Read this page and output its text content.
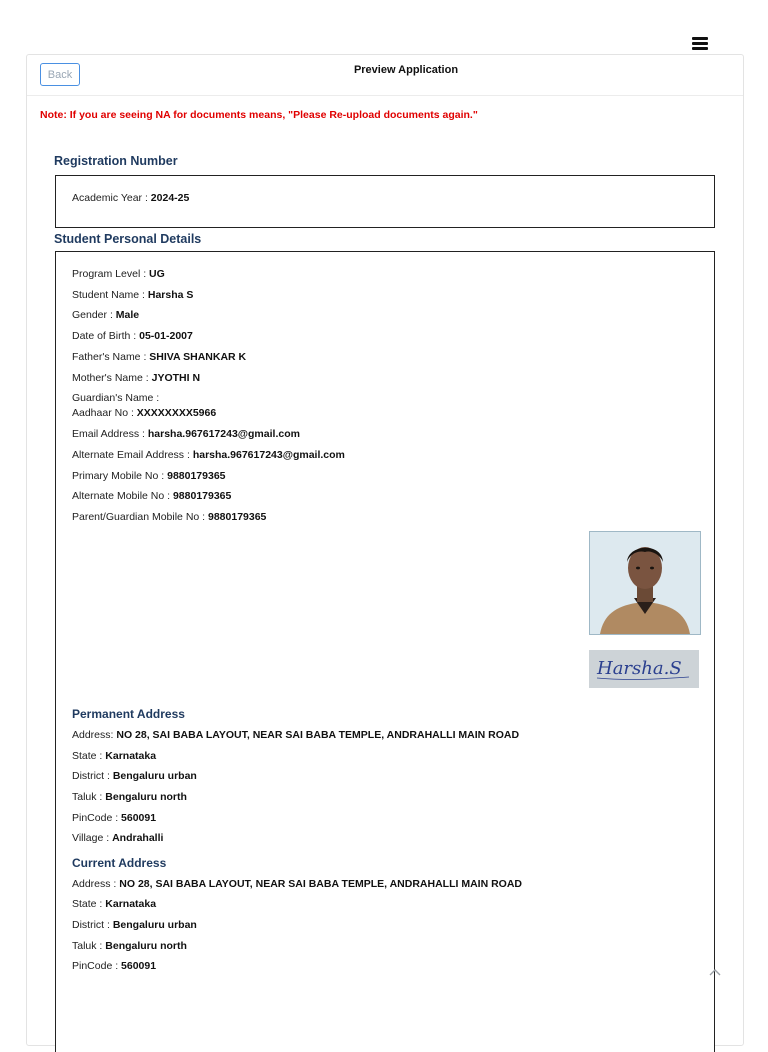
Back	Preview Application
Note: If you are seeing NA for documents means, "Please Re-upload documents again."
Registration Number
Academic Year : 2024-25
Student Personal Details
Program Level : UG
Student Name : Harsha S
Gender : Male
Date of Birth : 05-01-2007
Father's Name : SHIVA SHANKAR K
Mother's Name : JYOTHI N
Guardian's Name :
Aadhaar No : XXXXXXXX5966
Email Address : harsha.967617243@gmail.com
Alternate Email Address : harsha.967617243@gmail.com
Primary Mobile No : 9880179365
Alternate Mobile No : 9880179365
Parent/Guardian Mobile No : 9880179365
Harsha.S
Permanent Address
Address: NO 28, SAI BABA LAYOUT, NEAR SAI BABA TEMPLE, ANDRAHALLI MAIN ROAD
State : Karnataka
District : Bengaluru urban
Taluk : Bengaluru north
PinCode : 560091
Village : Andrahalli
Current Address
Address : NO 28, SAI BABA LAYOUT, NEAR SAI BABA TEMPLE, ANDRAHALLI MAIN ROAD
State : Karnataka
District : Bengaluru urban
Taluk : Bengaluru north
PinCode : 560091
